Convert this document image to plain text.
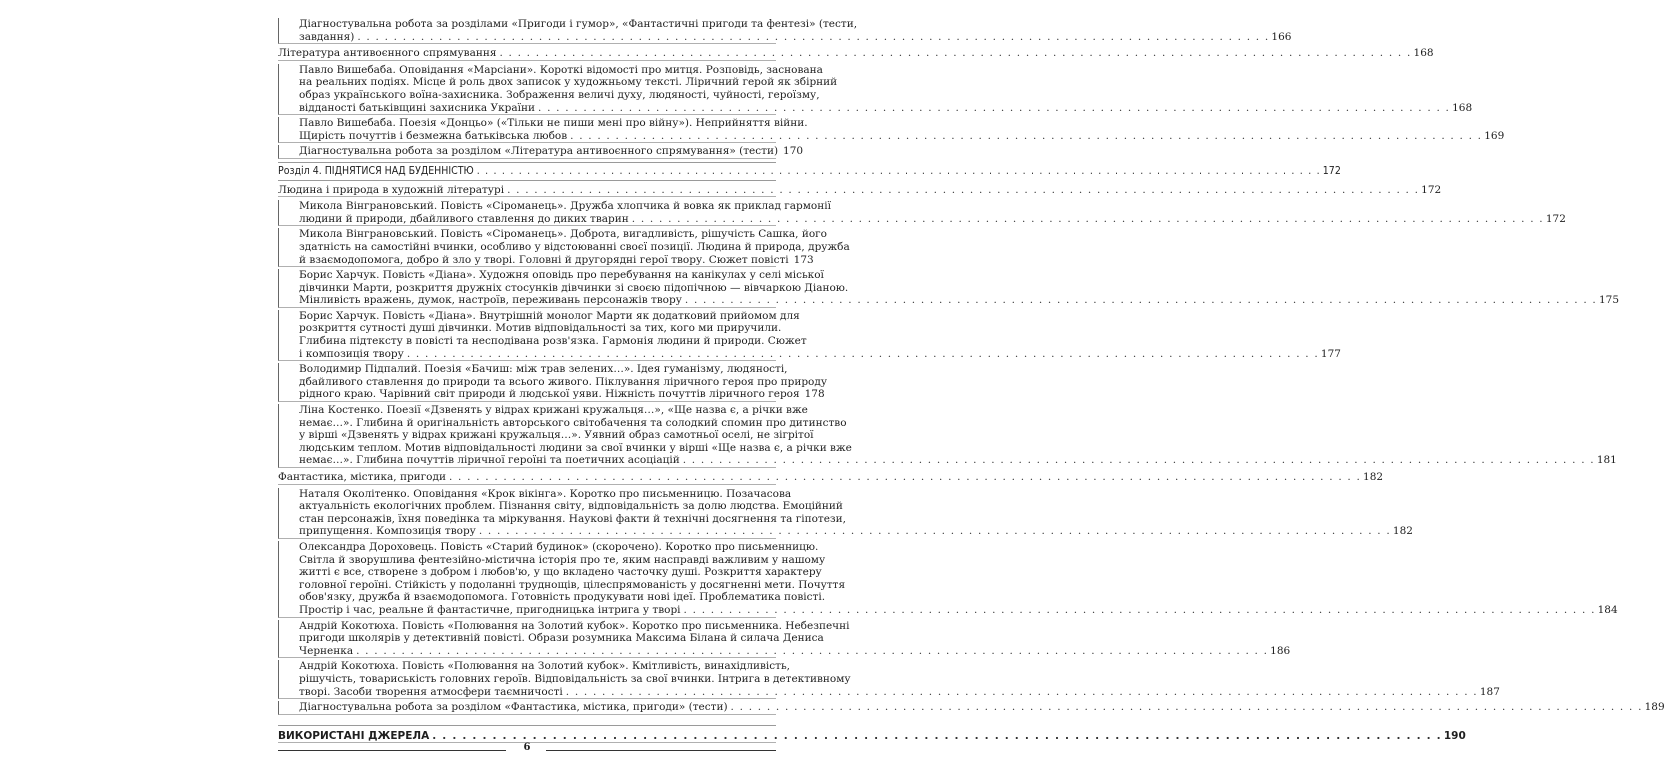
Діагностувальна робота за розділами «Пригоди і гумор», «Фантастичні пригоди та фентезі» (тести,
завдання) . . . . . . . . . . . . . . . . . . . . . . . . . . . . . . . . . . . . . . . . . . . . . . . . . . . . . . . . . . . . . . . . . . . . . . . . . . . . . . . . . . . . . . . . . . . . . . . . . . . . . 166
Література антивоєнного спрямування . . . . . . . . . . . . . . . . . . . . . . . . . . . . . . . . . . . . . . . . . . . . . . . . . . . . . . . . . . . . . . . . . . . . . . . . . . . . . . . . . . . . . . . . . . . . . . . . . . . . . 168
Павло Вишебаба. Оповідання «Марсіани». Короткі відомості про митця. Розповідь, заснована
на реальних подіях. Місце й роль двох записок у художньому тексті. Ліричний герой як збірний
образ українського воїна-захисника. Зображення величі духу, людяності, чуйності, героїзму,
відданості батьківщині захисника України . . . . . . . . . . . . . . . . . . . . . . . . . . . . . . . . . . . . . . . . . . . . . . . . . . . . . . . . . . . . . . . . . . . . . . . . . . . . . . . . . . . . . . . . . . . . . . . . . . . . . 168
Павло Вишебаба. Поезія «Донцьо» («Тільки не пиши мені про війну»). Неприйняття війни.
Щирість почуттів і безмежна батьківська любов . . . . . . . . . . . . . . . . . . . . . . . . . . . . . . . . . . . . . . . . . . . . . . . . . . . . . . . . . . . . . . . . . . . . . . . . . . . . . . . . . . . . . . . . . . . . . . . . . . . . . 169
Діагностувальна робота за розділом «Література антивоєнного спрямування» (тести) 170
Розділ 4. ПІДНЯТИСЯ НАД БУДЕННІСТЮ . . . . . . . . . . . . . . . . . . . . . . . . . . . . . . . . . . . . . . . . . . . . . . . . . . . . . . . . . . . . . . . . . . . . . . . . . . . . . . . . . . . . . . . . . . . . . . . . . . . . . 172
Людина і природа в художній літературі . . . . . . . . . . . . . . . . . . . . . . . . . . . . . . . . . . . . . . . . . . . . . . . . . . . . . . . . . . . . . . . . . . . . . . . . . . . . . . . . . . . . . . . . . . . . . . . . . . . . . 172
Микола Вінграновський. Повість «Сіроманець». Дружба хлопчика й вовка як приклад гармонії
людини й природи, дбайливого ставлення до диких тварин . . . . . . . . . . . . . . . . . . . . . . . . . . . . . . . . . . . . . . . . . . . . . . . . . . . . . . . . . . . . . . . . . . . . . . . . . . . . . . . . . . . . . . . . . . . . . . . . . . . . . 172
Микола Вінграновський. Повість «Сіроманець». Доброта, вигадливість, рішучість Сашка, його
здатність на самостійні вчинки, особливо у відстоюванні своєї позиції. Людина й природа, дружба
й взаємодопомога, добро й зло у творі. Головні й другорядні герої твору. Сюжет повісті 173
Борис Харчук. Повість «Діана». Художня оповідь про перебування на канікулах у селі міської
дівчинки Марти, розкриття дружніх стосунків дівчинки зі своєю підопічною — вівчаркою Діаною.
Мінливість вражень, думок, настроїв, переживань персонажів твору . . . . . . . . . . . . . . . . . . . . . . . . . . . . . . . . . . . . . . . . . . . . . . . . . . . . . . . . . . . . . . . . . . . . . . . . . . . . . . . . . . . . . . . . . . . . . . . . . . . . . 175
Борис Харчук. Повість «Діана». Внутрішній монолог Марти як додатковий прийомом для
розкриття сутності душі дівчинки. Мотив відповідальності за тих, кого ми приручили.
Глибина підтексту в повісті та несподівана розв'язка. Гармонія людини й природи. Сюжет
і композиція твору . . . . . . . . . . . . . . . . . . . . . . . . . . . . . . . . . . . . . . . . . . . . . . . . . . . . . . . . . . . . . . . . . . . . . . . . . . . . . . . . . . . . . . . . . . . . . . . . . . . . . 177
Володимир Підпалий. Поезія «Бачиш: між трав зелених…». Ідея гуманізму, людяності,
дбайливого ставлення до природи та всього живого. Піклування ліричного героя про природу
рідного краю. Чарівний світ природи й людської уяви. Ніжність почуттів ліричного героя 178
Ліна Костенко. Поезії «Дзвенять у відрах крижані кружальця…», «Ще назва є, а річки вже
немає…». Глибина й оригінальність авторського світобачення та солодкий спомин про дитинство
у вірші «Дзвенять у відрах крижані кружальця…». Уявний образ самотньої оселі, не зігрітої
людським теплом. Мотив відповідальності людини за свої вчинки у вірші «Ще назва є, а річки вже
немає…». Глибина почуттів ліричної героїні та поетичних асоціацій . . . . . . . . . . . . . . . . . . . . . . . . . . . . . . . . . . . . . . . . . . . . . . . . . . . . . . . . . . . . . . . . . . . . . . . . . . . . . . . . . . . . . . . . . . . . . . . . . . . . . 181
Фантастика, містика, пригоди . . . . . . . . . . . . . . . . . . . . . . . . . . . . . . . . . . . . . . . . . . . . . . . . . . . . . . . . . . . . . . . . . . . . . . . . . . . . . . . . . . . . . . . . . . . . . . . . . . . . . 182
Наталя Околітенко. Оповідання «Крок вікінга». Коротко про письменницю. Позачасова
актуальність екологічних проблем. Пізнання світу, відповідальність за долю людства. Емоційний
стан персонажів, їхня поведінка та міркування. Наукові факти й технічні досягнення та гіпотези,
припущення. Композиція твору . . . . . . . . . . . . . . . . . . . . . . . . . . . . . . . . . . . . . . . . . . . . . . . . . . . . . . . . . . . . . . . . . . . . . . . . . . . . . . . . . . . . . . . . . . . . . . . . . . . . . 182
Олександра Дороховець. Повість «Старий будинок» (скорочено). Коротко про письменницю.
Світла й зворушлива фентезійно-містична історія про те, яким насправді важливим у нашому
житті є все, створене з добром і любов'ю, у що вкладено часточку душі. Розкриття характеру
головної героїні. Стійкість у подоланні труднощів, цілеспрямованість у досягненні мети. Почуття
обов'язку, дружба й взаємодопомога. Готовність продукувати нові ідеї. Проблематика повісті.
Простір і час, реальне й фантастичне, пригодницька інтрига у творі . . . . . . . . . . . . . . . . . . . . . . . . . . . . . . . . . . . . . . . . . . . . . . . . . . . . . . . . . . . . . . . . . . . . . . . . . . . . . . . . . . . . . . . . . . . . . . . . . . . . . 184
Андрій Кокотюха. Повість «Полювання на Золотий кубок». Коротко про письменника. Небезпечні
пригоди школярів у детективній повісті. Образи розумника Максима Білана й силача Дениса
Черненка . . . . . . . . . . . . . . . . . . . . . . . . . . . . . . . . . . . . . . . . . . . . . . . . . . . . . . . . . . . . . . . . . . . . . . . . . . . . . . . . . . . . . . . . . . . . . . . . . . . . . 186
Андрій Кокотюха. Повість «Полювання на Золотий кубок». Кмітливість, винахідливість,
рішучість, товариськість головних героїв. Відповідальність за свої вчинки. Інтрига в детективному
творі. Засоби творення атмосфери таємничості . . . . . . . . . . . . . . . . . . . . . . . . . . . . . . . . . . . . . . . . . . . . . . . . . . . . . . . . . . . . . . . . . . . . . . . . . . . . . . . . . . . . . . . . . . . . . . . . . . . . . 187
Діагностувальна робота за розділом «Фантастика, містика, пригоди» (тести) . . . . . . . . . . . . . . . . . . . . . . . . . . . . . . . . . . . . . . . . . . . . . . . . . . . . . . . . . . . . . . . . . . . . . . . . . . . . . . . . . . . . . . . . . . . . . . . . . . . . . 189
ВИКОРИСТАНІ ДЖЕРЕЛА . . . . . . . . . . . . . . . . . . . . . . . . . . . . . . . . . . . . . . . . . . . . . . . . . . . . . . . . . . . . . . . . . . . . . . . . . . . . . . . . . . . . . . . . . . . . . . . . . . . . . 190
6
